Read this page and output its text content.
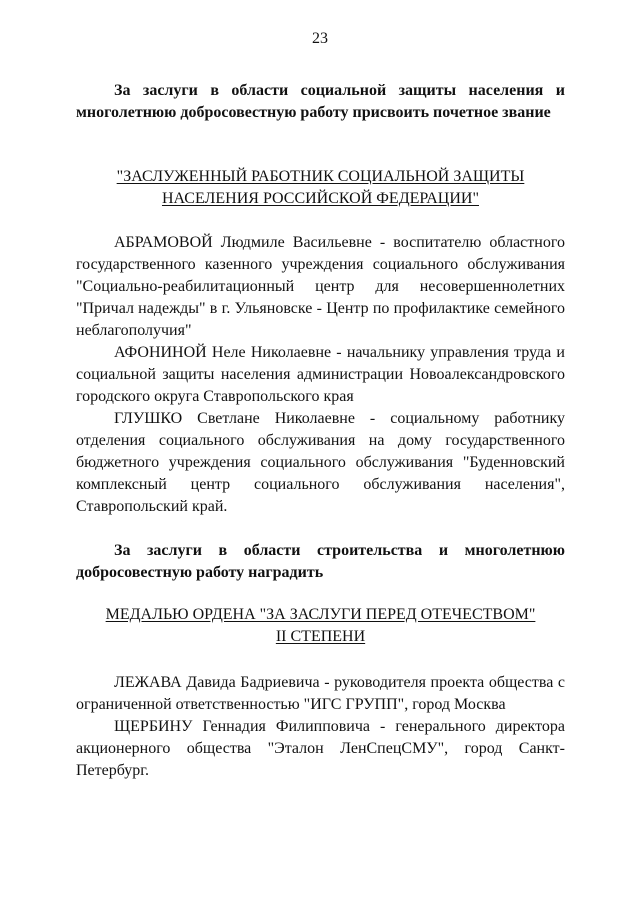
23
За заслуги в области социальной защиты населения и многолетнюю добросовестную работу присвоить почетное звание
"ЗАСЛУЖЕННЫЙ РАБОТНИК СОЦИАЛЬНОЙ ЗАЩИТЫ
НАСЕЛЕНИЯ РОССИЙСКОЙ ФЕДЕРАЦИИ"

АБРАМОВОЙ Людмиле Васильевне - воспитателю областного государственного казенного учреждения социального обслуживания "Социально-реабилитационный центр для несовершеннолетних "Причал надежды" в г. Ульяновске - Центр по профилактике семейного неблагополучия"

АФОНИНОЙ Неле Николаевне - начальнику управления труда и социальной защиты населения администрации Новоалександровского городского округа Ставропольского края

ГЛУШКО Светлане Николаевне - социальному работнику отделения социального обслуживания на дому государственного бюджетного учреждения социального обслуживания "Буденновский комплексный центр социального обслуживания населения", Ставропольский край.

За заслуги в области строительства и многолетнюю добросовестную работу наградить
МЕДАЛЬЮ ОРДЕНА "ЗА ЗАСЛУГИ ПЕРЕД ОТЕЧЕСТВОМ"
II СТЕПЕНИ

ЛЕЖАВА Давида Бадриевича - руководителя проекта общества с ограниченной ответственностью "ИГС ГРУПП", город Москва

ЩЕРБИНУ Геннадия Филипповича - генерального директора акционерного общества "Эталон ЛенСпецСМУ", город Санкт-Петербург.
